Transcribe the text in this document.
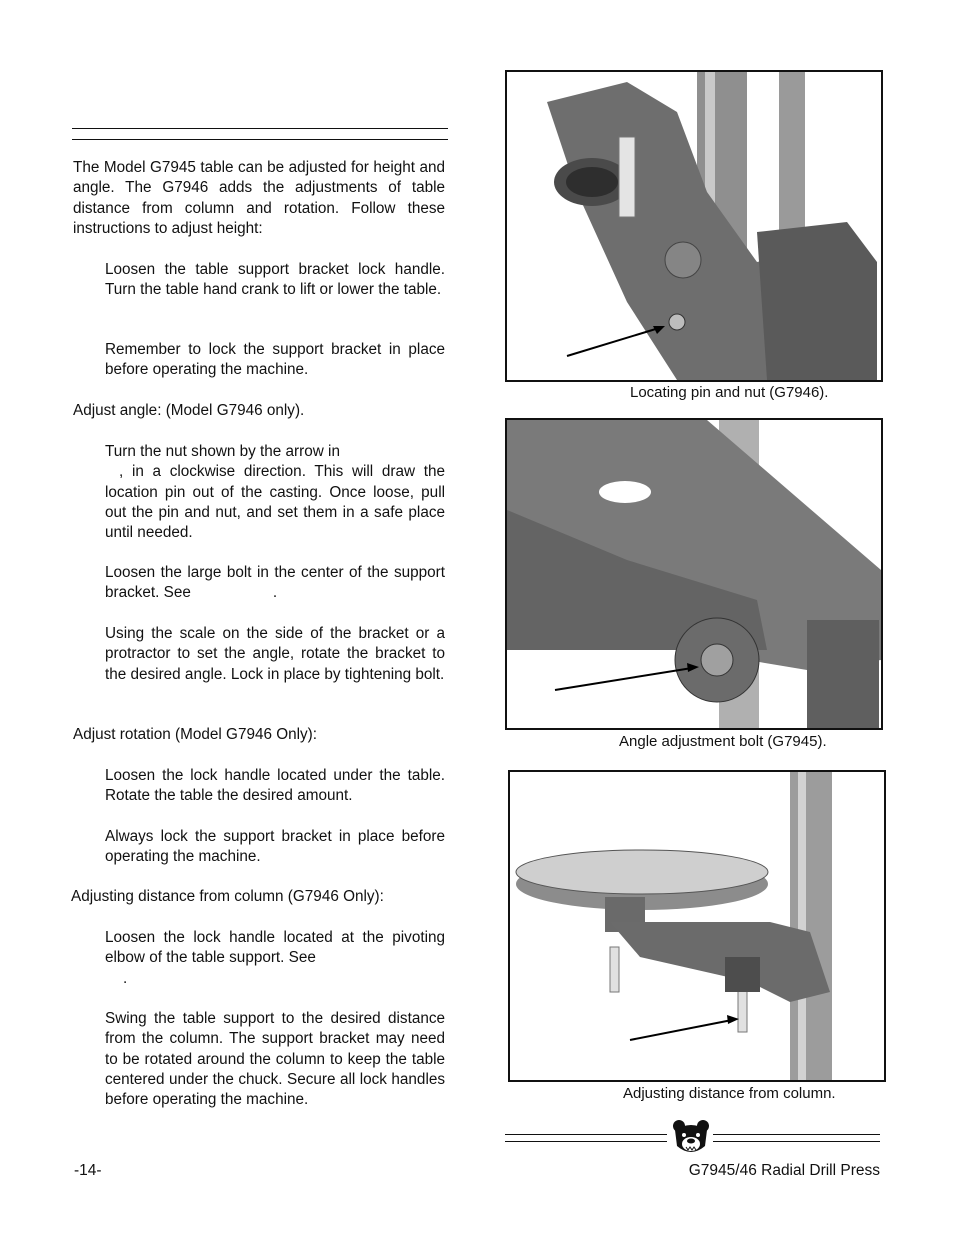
The Model G7945 table can be adjusted for height and angle. The G7946 adds the adjustments of table distance from column and rotation. Follow these instructions to adjust height:
Loosen the table support bracket lock handle. Turn the table hand crank to lift or lower the table.
Remember to lock the support bracket in place before operating the machine.
Adjust angle: (Model G7946 only).
Turn the nut shown by the arrow in
, in a clockwise direction. This will draw the location pin out of the casting. Once loose, pull out the pin and nut, and set them in a safe place until needed.
Loosen the large bolt in the center of the support bracket. See	.
Using the scale on the side of the bracket or a protractor to set the angle, rotate the bracket to the desired angle. Lock in place by tightening bolt.
Adjust rotation (Model G7946 Only):
Loosen the lock handle located under the table. Rotate the table the desired amount.
Always lock the support bracket in place before operating the machine.
Adjusting distance from column (G7946 Only):
Loosen the lock handle located at the pivoting elbow of the table support. See
.
Swing the table support to the desired distance from the column. The support bracket may need to be rotated around the column to keep the table centered under the chuck. Secure all lock handles before operating the machine.
Locating pin and nut (G7946).
Angle adjustment bolt (G7945).
Adjusting distance from column.
-14-	G7945/46 Radial Drill Press
